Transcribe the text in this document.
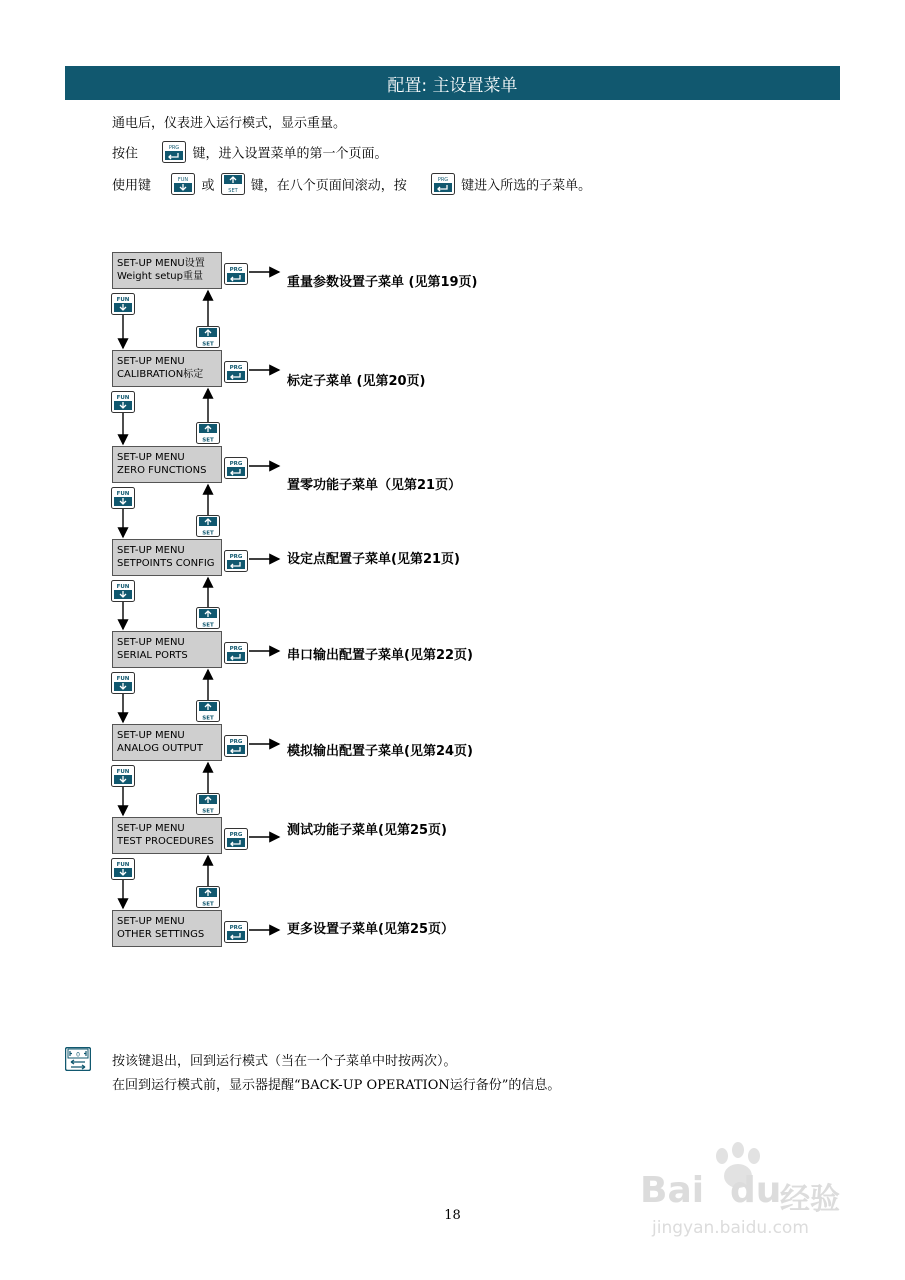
配置: 主设置菜单
通电后，仪表进入运行模式，显示重量。
按住	PRG 键，进入设置菜单的第一个页面。
使用键	FUN 或	SET 键，在八个页面间滚动，按	PRG 键进入所选的子菜单。
SET-UP MENU设置
Weight setup重量
PRG
重量参数设置子菜单 (见第19页)
FUN
SET
SET-UP MENU
CALIBRATION标定
PRG
标定子菜单 (见第20页)
FUN
SET
SET-UP MENU
ZERO FUNCTIONS
PRG
置零功能子菜单（见第21页）
FUN
SET
SET-UP MENU
SETPOINTS CONFIG
PRG	设定点配置子菜单(见第21页)
FUN
SET
SET-UP MENU
SERIAL PORTS
PRG	串口输出配置子菜单(见第22页)
FUN
SET
SET-UP MENU
ANALOG OUTPUT
PRG
模拟输出配置子菜单(见第24页)
FUN
SET
SET-UP MENU
TEST PROCEDURES
PRG	测试功能子菜单(见第25页)
FUN
SET
SET-UP MENU
OTHER SETTINGS
PRG	更多设置子菜单(见第25页）
0 按该键退出，回到运行模式（当在一个子菜单中时按两次）。
在回到运行模式前，显示器提醒“BACK-UP OPERATION运行备份”的信息。
18
Bai du
经验
jingyan.baidu.com
